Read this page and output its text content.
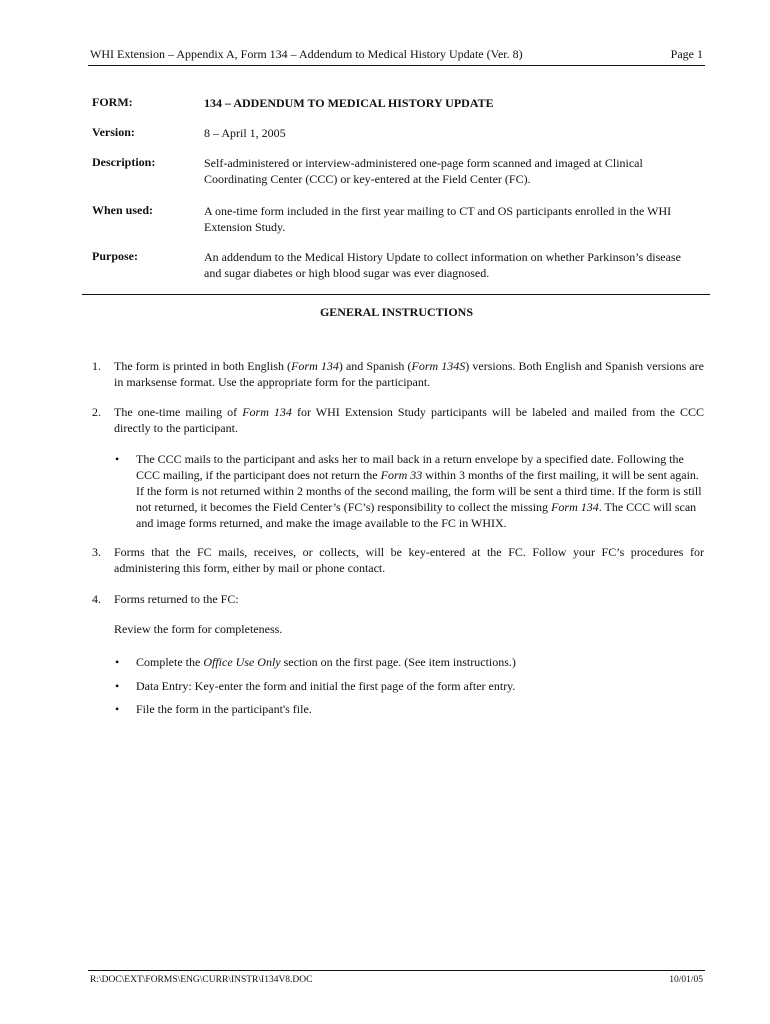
WHI Extension – Appendix A, Form 134 – Addendum to Medical History Update (Ver. 8)	Page 1
FORM:	134 – ADDENDUM TO MEDICAL HISTORY UPDATE
Version:	8 – April 1, 2005
Description:	Self-administered or interview-administered one-page form scanned and imaged at Clinical Coordinating Center (CCC) or key-entered at the Field Center (FC).
When used:	A one-time form included in the first year mailing to CT and OS participants enrolled in the WHI Extension Study.
Purpose:	An addendum to the Medical History Update to collect information on whether Parkinson’s disease and sugar diabetes or high blood sugar was ever diagnosed.
GENERAL INSTRUCTIONS
1. The form is printed in both English (Form 134) and Spanish (Form 134S) versions. Both English and Spanish versions are in marksense format. Use the appropriate form for the participant.
2. The one-time mailing of Form 134 for WHI Extension Study participants will be labeled and mailed from the CCC directly to the participant.
• The CCC mails to the participant and asks her to mail back in a return envelope by a specified date. Following the CCC mailing, if the participant does not return the Form 33 within 3 months of the first mailing, it will be sent again. If the form is not returned within 2 months of the second mailing, the form will be sent a third time. If the form is still not returned, it becomes the Field Center’s (FC’s) responsibility to collect the missing Form 134. The CCC will scan and image forms returned, and make the image available to the FC in WHIX.
3. Forms that the FC mails, receives, or collects, will be key-entered at the FC. Follow your FC’s procedures for administering this form, either by mail or phone contact.
4. Forms returned to the FC:
Review the form for completeness.
• Complete the Office Use Only section on the first page. (See item instructions.)
• Data Entry: Key-enter the form and initial the first page of the form after entry.
• File the form in the participant's file.
R:\DOC\EXT\FORMS\ENG\CURR\INSTR\I134V8.DOC	10/01/05
